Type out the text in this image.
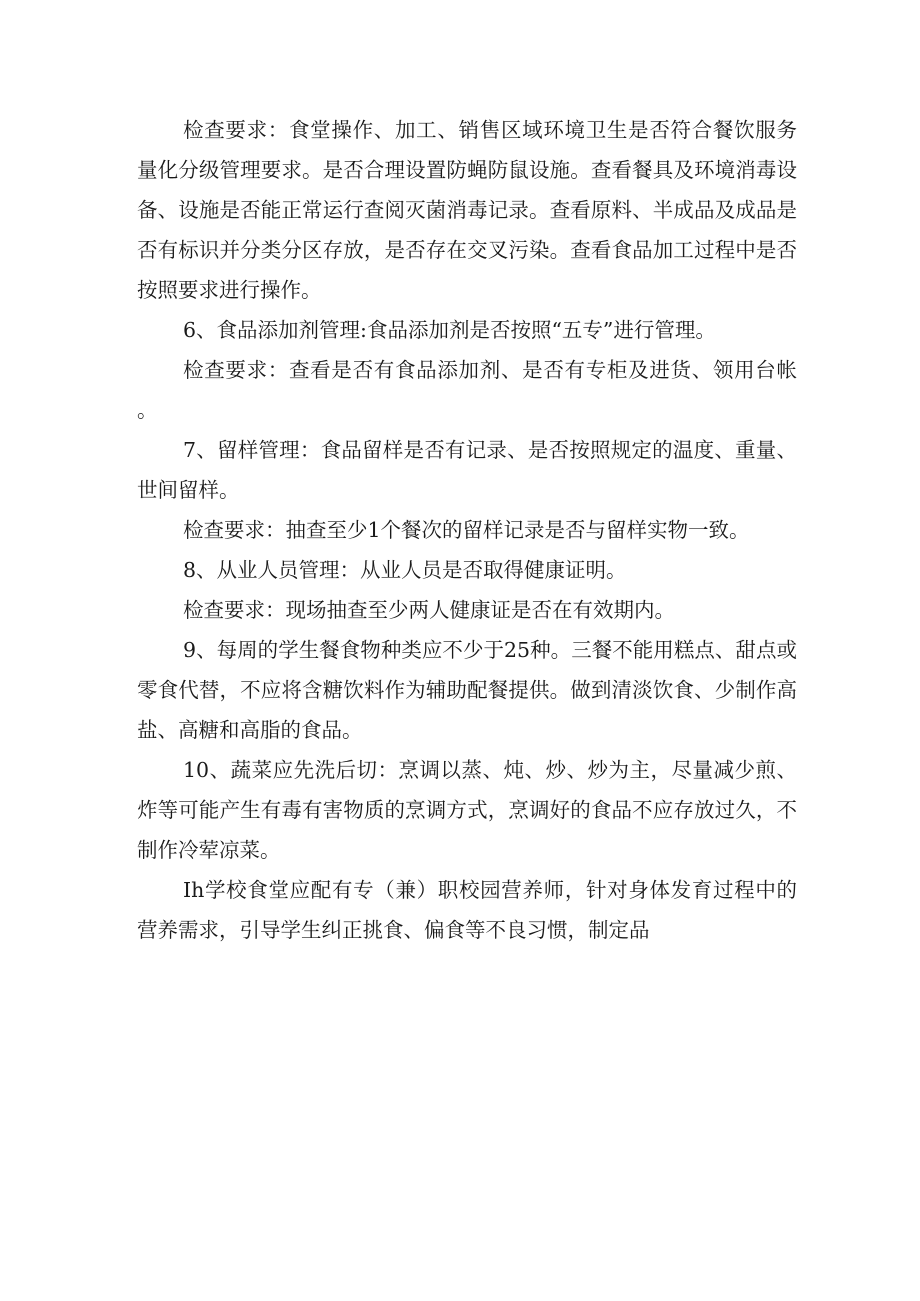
检查要求：食堂操作、加工、销售区域环境卫生是否符合餐饮服务量化分级管理要求。是否合理设置防蝇防鼠设施。查看餐具及环境消毒设备、设施是否能正常运行查阅灭菌消毒记录。查看原料、半成品及成品是否有标识并分类分区存放，是否存在交叉污染。查看食品加工过程中是否按照要求进行操作。

6、食品添加剂管理:食品添加剂是否按照“五专”进行管理。

检查要求：查看是否有食品添加剂、是否有专柜及进货、领用台帐。

7、留样管理：食品留样是否有记录、是否按照规定的温度、重量、世间留样。

检查要求：抽查至少1个餐次的留样记录是否与留样实物一致。

8、从业人员管理：从业人员是否取得健康证明。

检查要求：现场抽查至少两人健康证是否在有效期内。

9、每周的学生餐食物种类应不少于25种。三餐不能用糕点、甜点或零食代替，不应将含糖饮料作为辅助配餐提供。做到清淡饮食、少制作高盐、高糖和高脂的食品。

10、蔬菜应先洗后切：烹调以蒸、炖、炒、炒为主，尽量减少煎、炸等可能产生有毒有害物质的烹调方式，烹调好的食品不应存放过久，不制作冷荤凉菜。

Ih学校食堂应配有专（兼）职校园营养师，针对身体发育过程中的营养需求，引导学生纠正挑食、偏食等不良习惯，制定品
